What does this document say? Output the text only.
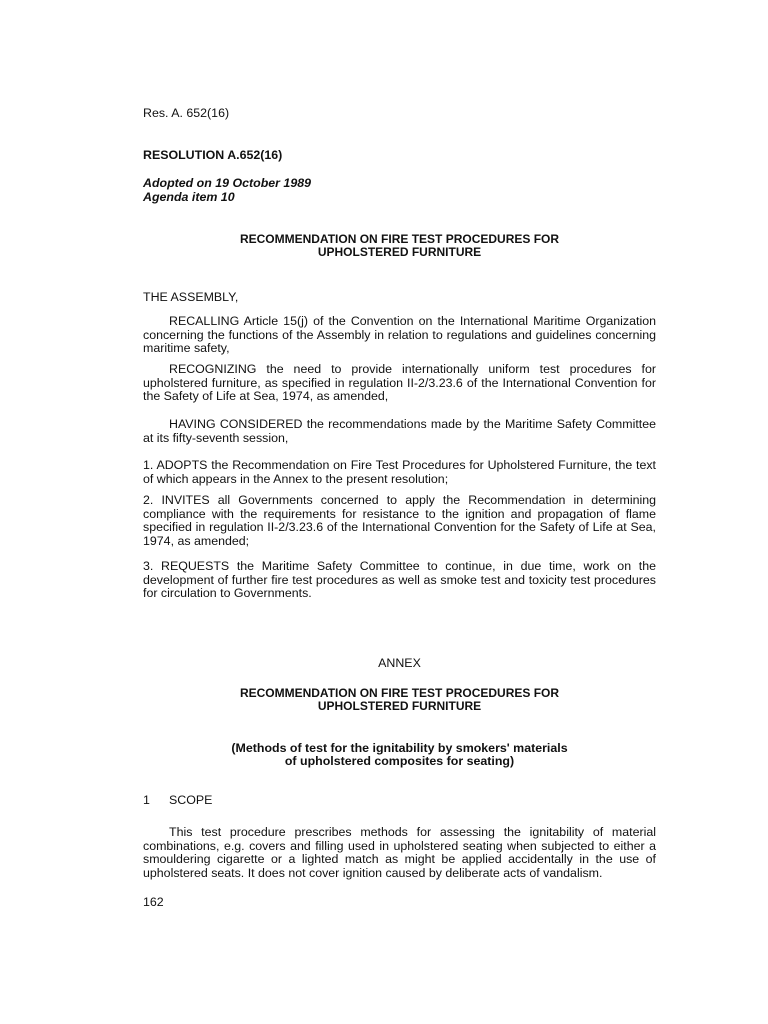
Res. A. 652(16)

RESOLUTION A.652(16)

Adopted on 19 October 1989

Agenda item 10

RECOMMENDATION ON FIRE TEST PROCEDURES FOR

UPHOLSTERED FURNITURE

THE ASSEMBLY,

RECALLING Article 15(j) of the Convention on the International Maritime Organization concerning the functions of the Assembly in relation to regulations and guidelines concerning maritime safety,

RECOGNIZING the need to provide internationally uniform test procedures for upholstered furniture, as specified in regulation II-2/3.23.6 of the International Convention for the Safety of Life at Sea, 1974, as amended,

HAVING CONSIDERED the recommendations made by the Maritime Safety Committee at its fifty-seventh session,

1. ADOPTS the Recommendation on Fire Test Procedures for Upholstered Furniture, the text of which appears in the Annex to the present resolution;

2. INVITES all Governments concerned to apply the Recommendation in determining compliance with the requirements for resistance to the ignition and propagation of flame specified in regulation II-2/3.23.6 of the International Convention for the Safety of Life at Sea, 1974, as amended;

3. REQUESTS the Maritime Safety Committee to continue, in due time, work on the development of further fire test procedures as well as smoke test and toxicity test procedures for circulation to Governments.

ANNEX

RECOMMENDATION ON FIRE TEST PROCEDURES FOR

UPHOLSTERED FURNITURE

(Methods of test for the ignitability by smokers' materials

of upholstered composites for seating)

1 SCOPE

This test procedure prescribes methods for assessing the ignitability of material combinations, e.g. covers and filling used in upholstered seating when subjected to either a smouldering cigarette or a lighted match as might be applied accidentally in the use of upholstered seats. It does not cover ignition caused by deliberate acts of vandalism.

162
